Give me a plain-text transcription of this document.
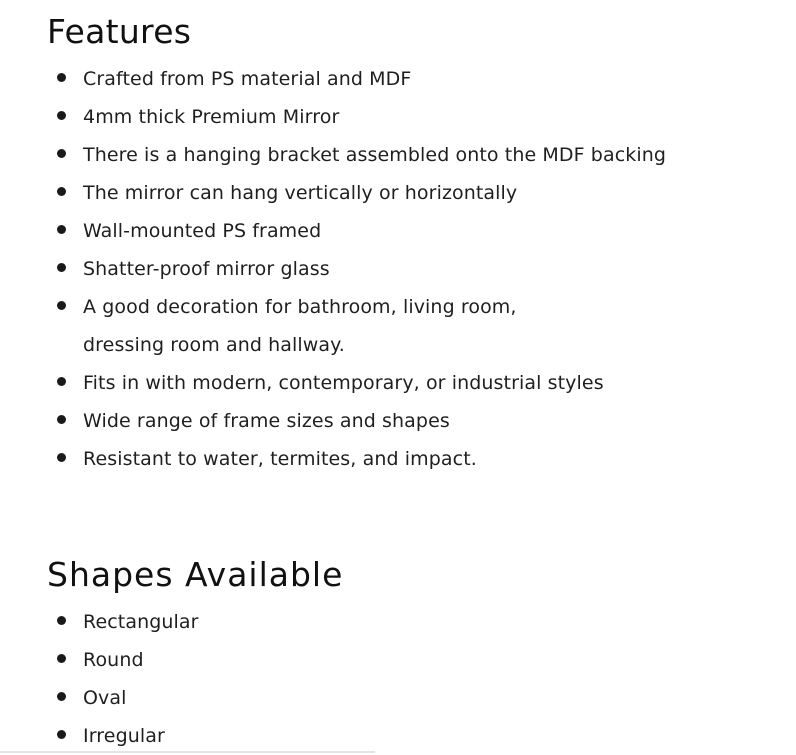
Features
Crafted from PS material and MDF
4mm thick Premium Mirror
There is a hanging bracket assembled onto the MDF backing
The mirror can hang vertically or horizontally
Wall-mounted PS framed
Shatter-proof mirror glass
A good decoration for bathroom, living room,
dressing room and hallway.
Fits in with modern, contemporary, or industrial styles
Wide range of frame sizes and shapes
Resistant to water, termites, and impact.
Shapes Available
Rectangular
Round
Oval
Irregular
